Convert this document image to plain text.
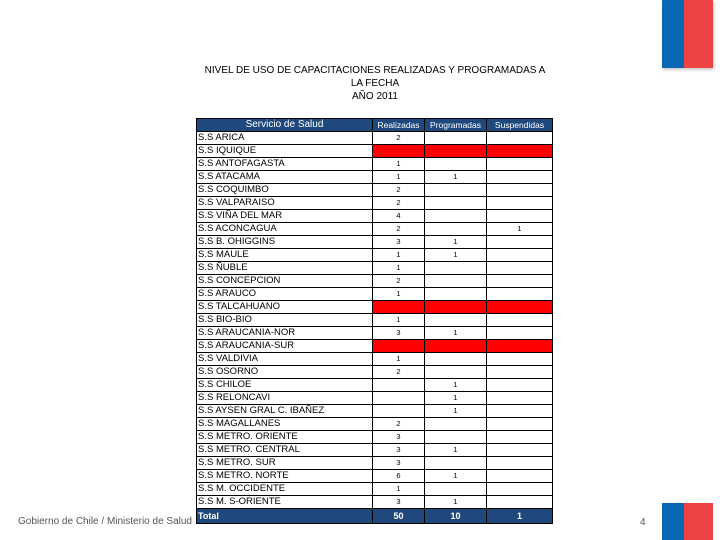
NIVEL DE USO DE CAPACITACIONES REALIZADAS Y PROGRAMADAS A
LA FECHA
AÑO 2011
Gobierno de Chile / Ministerio de Salud
Servicio de Salud	Realizadas	Programadas	Suspendidas
S.S ARICA	2		
S.S IQUIQUE			
S.S ANTOFAGASTA	1		
S.S ATACAMA	1	1	
S.S COQUIMBO	2		
S.S VALPARAISO	2		
S.S VIÑA DEL MAR	4		
S.S ACONCAGUA	2		1
S.S B. OHIGGINS	3	1	
S.S MAULE	1	1	
S.S ÑUBLE	1		
S.S CONCEPCION	2		
S.S ARAUCO	1		
S.S TALCAHUANO			
S.S BIO-BIO	1		
S.S ARAUCANIA-NOR	3	1	
S.S ARAUCANIA-SUR			
S.S VALDIVIA	1		
S.S OSORNO	2		
S.S CHILOE		1	
S.S RELONCAVI		1	
S.S AYSEN GRAL C. IBAÑEZ		1	
S.S MAGALLANES	2		
S.S METRO. ORIENTE	3		
S.S METRO. CENTRAL	3	1	
S.S METRO. SUR	3		
S.S METRO. NORTE	6	1	
S.S M. OCCIDENTE	1		
S.S M. S-ORIENTE	3	1	
Total	50	10	1
4
